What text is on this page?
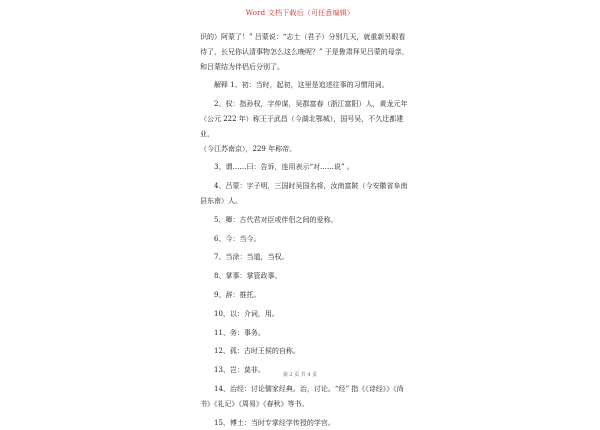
Word 文档下载后（可任意编辑）

识的）阿蒙了！” 吕蒙说：“志士（君子）分别几天，就重新另眼看

待了，长兄你认清事物怎么这么晚呢？” 于是鲁肃拜见吕蒙的母亲，

和吕蒙结为伴侣后分别了。

解释 1、初：当时，起初，这里是追述往事的习惯用词。

2、权：指孙权，字仲谋，吴郡富春（浙江富阳）人，黄龙元年

（公元 222 年）称王于武昌（今湖北鄂城），国号吴，不久迁都建业，

（今江苏南京），229 年称帝。

3、谓……曰：告诉，连用表示“对……说” 。

4、吕蒙：字子明，三国时吴国名将，汝南富陂（今安徽省阜南

县东南）人。

5、卿：古代君对臣或伴侣之间的爱称。

6、今：当今。

7、当涂：当道，当权。

8、掌事：掌管政事。

9、辞：推托。

10、以：介词，用。

11、务：事务。

12、孤：古时王侯的自称。

13、岂：莫非。

14、治经：讨论儒家经典。治，讨论。“经” 指《《诗经》》《尚

书》《礼记》《周易》《春秋》等书。

15、博士：当时专掌经学传授的学官。

第 2 页 共 4 页
